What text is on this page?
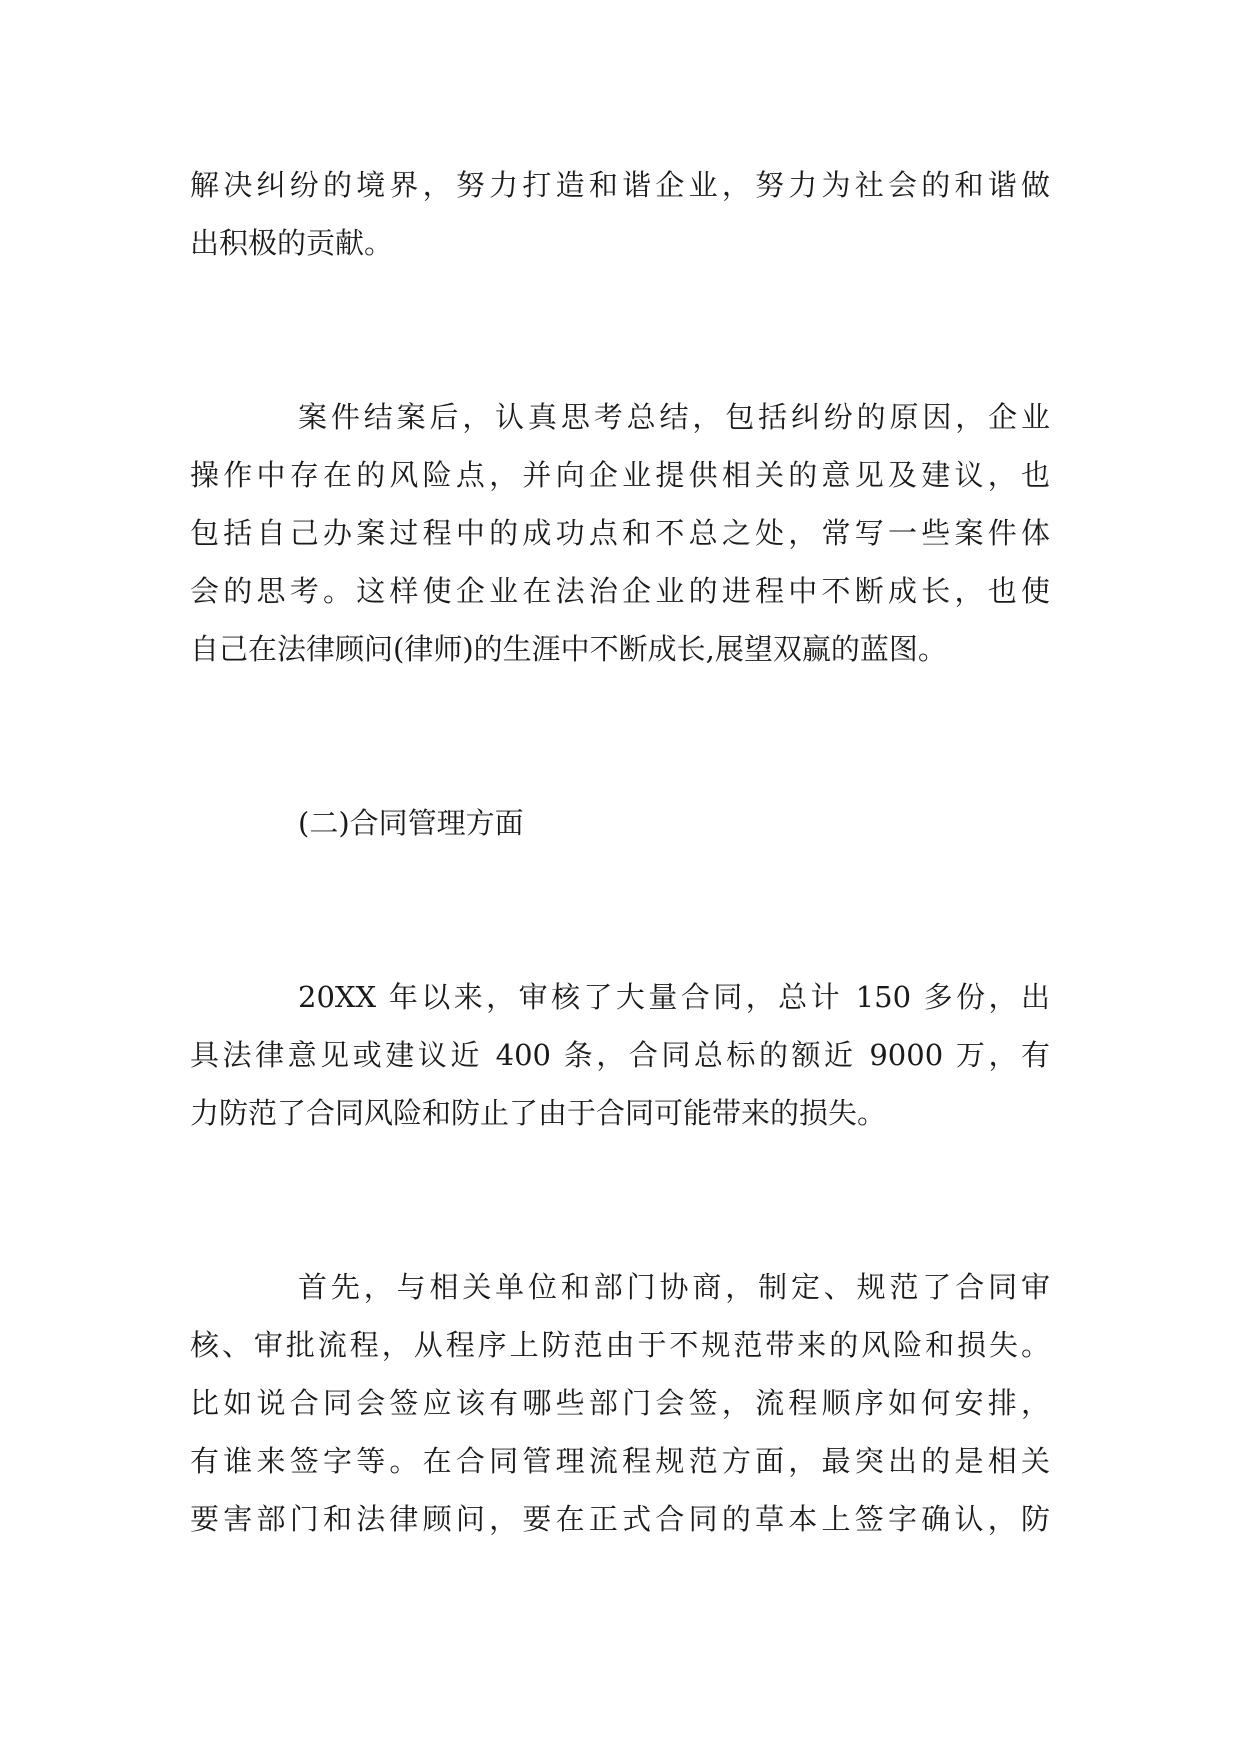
解决纠纷的境界，努力打造和谐企业，努力为社会的和谐做

出积极的贡献。

案件结案后，认真思考总结，包括纠纷的原因，企业

操作中存在的风险点，并向企业提供相关的意见及建议，也

包括自己办案过程中的成功点和不总之处，常写一些案件体

会的思考。这样使企业在法治企业的进程中不断成长，也使

自己在法律顾问(律师)的生涯中不断成长,展望双赢的蓝图。

(二)合同管理方面

20XX 年以来，审核了大量合同，总计 150 多份，出

具法律意见或建议近 400 条，合同总标的额近 9000 万，有

力防范了合同风险和防止了由于合同可能带来的损失。

首先，与相关单位和部门协商，制定、规范了合同审

核、审批流程，从程序上防范由于不规范带来的风险和损失。

比如说合同会签应该有哪些部门会签，流程顺序如何安排，

有谁来签字等。在合同管理流程规范方面，最突出的是相关

要害部门和法律顾问，要在正式合同的草本上签字确认，防
